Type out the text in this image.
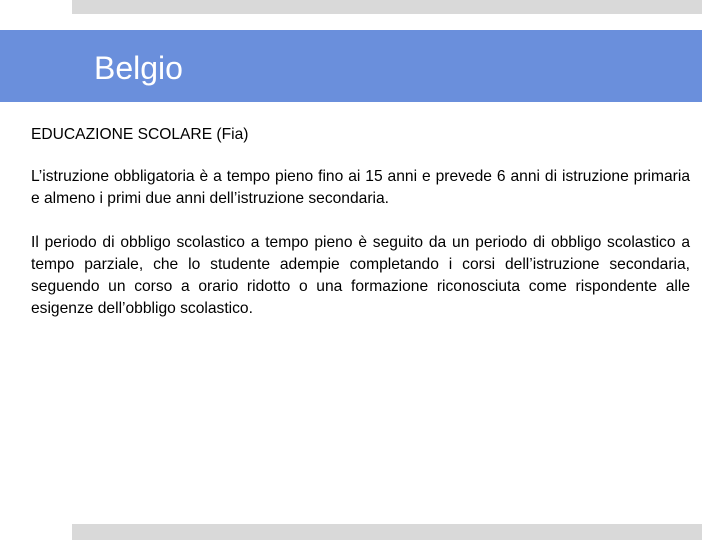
Belgio

EDUCAZIONE SCOLARE (Fia)

L’istruzione obbligatoria è a tempo pieno fino ai 15 anni e prevede 6 anni di istruzione primaria e almeno i primi due anni dell’istruzione secondaria.

Il periodo di obbligo scolastico a tempo pieno è seguito da un periodo di obbligo scolastico a tempo parziale, che lo studente adempie completando i corsi dell’istruzione secondaria, seguendo un corso a orario ridotto o una formazione riconosciuta come rispondente alle esigenze dell’obbligo scolastico.
